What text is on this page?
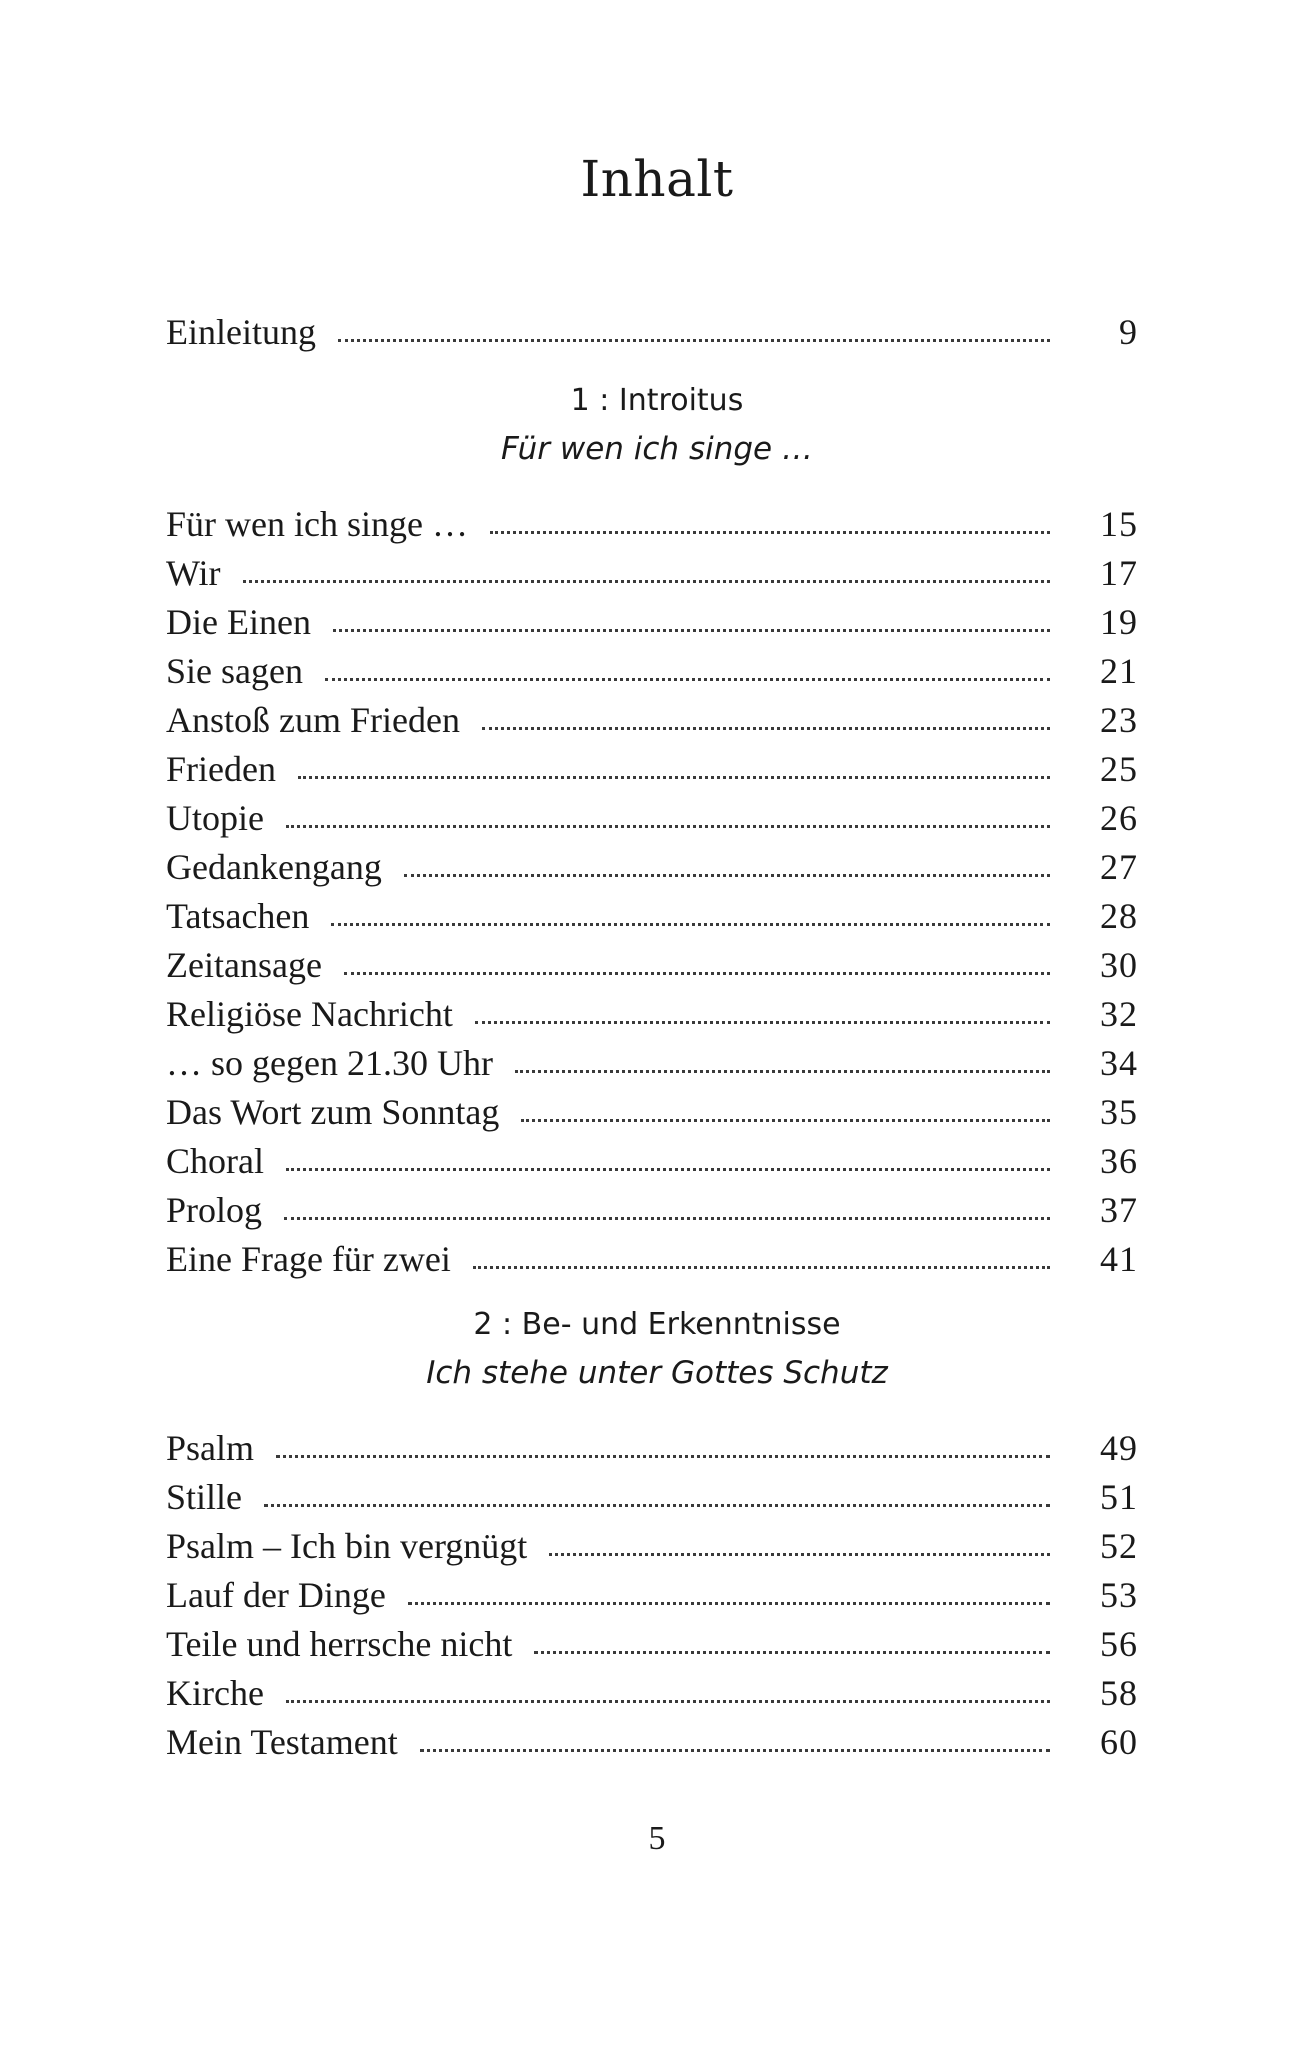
Inhalt
Einleitung	9
1 : Introitus
Für wen ich singe …
Für wen ich singe …	15
Wir	17
Die Einen	19
Sie sagen	21
Anstoß zum Frieden	23
Frieden	25
Utopie	26
Gedankengang	27
Tatsachen	28
Zeitansage	30
Religiöse Nachricht	32
… so gegen 21.30 Uhr	34
Das Wort zum Sonntag	35
Choral	36
Prolog	37
Eine Frage für zwei	41
2 : Be- und Erkenntnisse
Ich stehe unter Gottes Schutz
Psalm	49
Stille	51
Psalm – Ich bin vergnügt	52
Lauf der Dinge	53
Teile und herrsche nicht	56
Kirche	58
Mein Testament	60
5
